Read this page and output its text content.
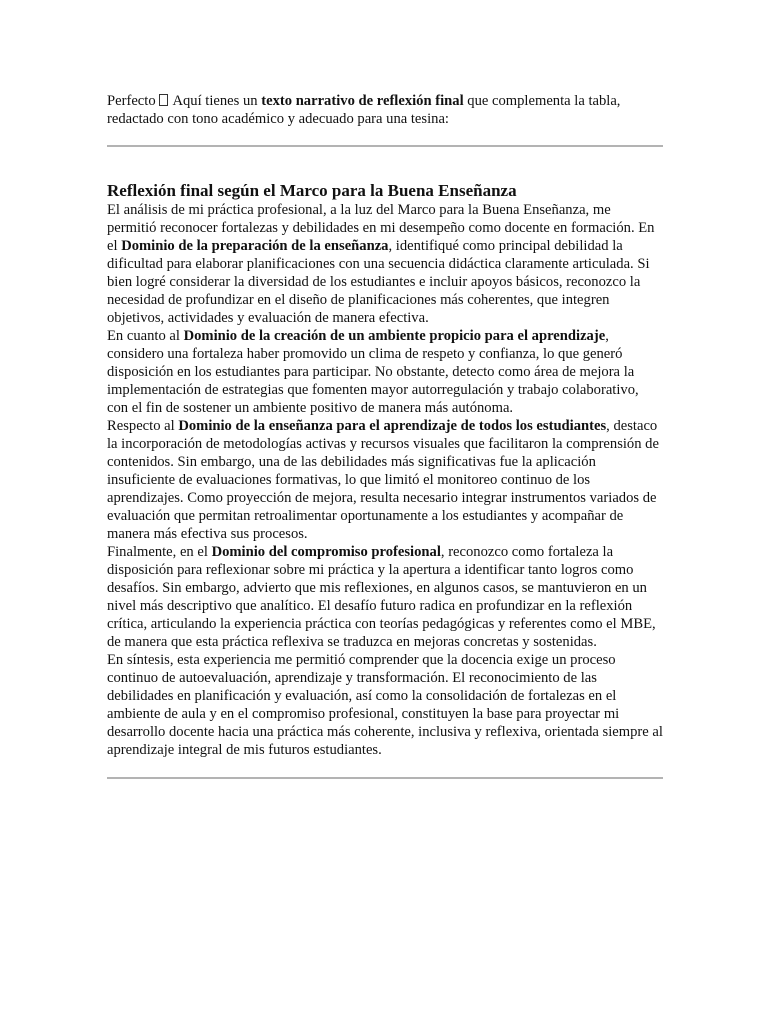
Perfecto Aquí tienes un texto narrativo de reflexión final que complementa la tabla, redactado con tono académico y adecuado para una tesina:

Reflexión final según el Marco para la Buena Enseñanza

El análisis de mi práctica profesional, a la luz del Marco para la Buena Enseñanza, me permitió reconocer fortalezas y debilidades en mi desempeño como docente en formación. En el Dominio de la preparación de la enseñanza, identifiqué como principal debilidad la dificultad para elaborar planificaciones con una secuencia didáctica claramente articulada. Si bien logré considerar la diversidad de los estudiantes e incluir apoyos básicos, reconozco la necesidad de profundizar en el diseño de planificaciones más coherentes, que integren objetivos, actividades y evaluación de manera efectiva.

En cuanto al Dominio de la creación de un ambiente propicio para el aprendizaje, considero una fortaleza haber promovido un clima de respeto y confianza, lo que generó disposición en los estudiantes para participar. No obstante, detecto como área de mejora la implementación de estrategias que fomenten mayor autorregulación y trabajo colaborativo, con el fin de sostener un ambiente positivo de manera más autónoma.

Respecto al Dominio de la enseñanza para el aprendizaje de todos los estudiantes, destaco la incorporación de metodologías activas y recursos visuales que facilitaron la comprensión de contenidos. Sin embargo, una de las debilidades más significativas fue la aplicación insuficiente de evaluaciones formativas, lo que limitó el monitoreo continuo de los aprendizajes. Como proyección de mejora, resulta necesario integrar instrumentos variados de evaluación que permitan retroalimentar oportunamente a los estudiantes y acompañar de manera más efectiva sus procesos.

Finalmente, en el Dominio del compromiso profesional, reconozco como fortaleza la disposición para reflexionar sobre mi práctica y la apertura a identificar tanto logros como desafíos. Sin embargo, advierto que mis reflexiones, en algunos casos, se mantuvieron en un nivel más descriptivo que analítico. El desafío futuro radica en profundizar en la reflexión crítica, articulando la experiencia práctica con teorías pedagógicas y referentes como el MBE, de manera que esta práctica reflexiva se traduzca en mejoras concretas y sostenidas.

En síntesis, esta experiencia me permitió comprender que la docencia exige un proceso continuo de autoevaluación, aprendizaje y transformación. El reconocimiento de las debilidades en planificación y evaluación, así como la consolidación de fortalezas en el ambiente de aula y en el compromiso profesional, constituyen la base para proyectar mi desarrollo docente hacia una práctica más coherente, inclusiva y reflexiva, orientada siempre al aprendizaje integral de mis futuros estudiantes.
